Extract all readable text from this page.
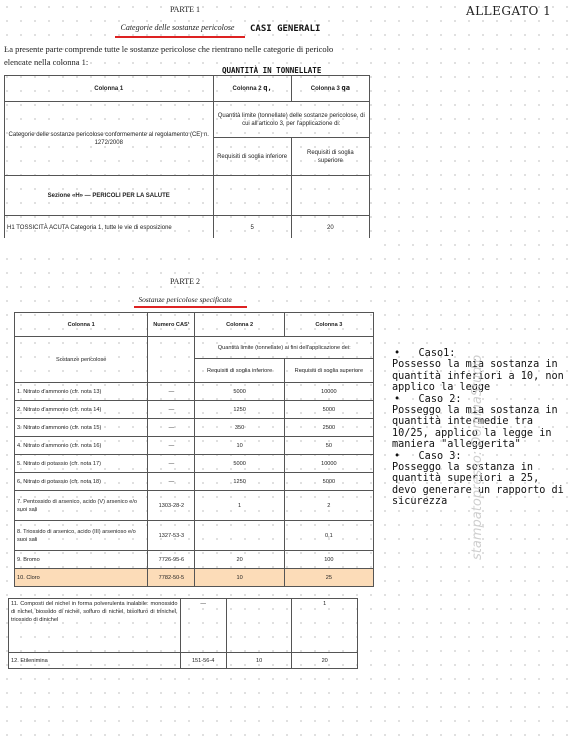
ALLEGATO 1
PARTE 1
Categorie delle sostanze pericolose	CASI GENERALI
La presente parte comprende tutte le sostanze pericolose che rientrano nelle categorie di pericolo elencate nella colonna 1:
QUANTITÀ IN TONNELLATE
Colonna 1	Colonna 2 q,	Colonna 3 qa
Categorie delle sostanze pericolose conformemente al regolamento (CE) n. 1272/2008	Quantità limite (tonnellate) delle sostanze pericolose, di cui all'articolo 3, per l'applicazione di:	
	Requisiti di soglia inferiore	Requisiti di soglia superiore
Sezione «H» — PERICOLI PER LA SALUTE		
H1 TOSSICITÀ ACUTA Categoria 1, tutte le vie di esposizione	5	20
PARTE 2
Sostanze pericolose specificate
Colonna 1	Numero CAS¹	Colonna 2	Colonna 3
Sostanze pericolose		Quantità limite (tonnellate) ai fini dell'applicazione dei:	
		Requisiti di soglia inferiore	Requisiti di soglia superiore
1. Nitrato d'ammonio (cfr. nota 13)	—	5000	10000
2. Nitrato d'ammonio (cfr. nota 14)	—	1250	5000
3. Nitrato d'ammonio (cfr. nota 15)	—	350	2500
4. Nitrato d'ammonio (cfr. nota 16)	—	10	50
5. Nitrato di potassio (cfr. nota 17)	—	5000	10000
6. Nitrato di potassio (cfr. nota 18)	—	1250	5000
7. Pentossido di arsenico, acido (V) arsenico e/o suoi sali	1303-28-2	1	2
8. Triossido di arsenico, acido (III) arsenioso e/o suoi sali	1327-53-3		0,1
9. Bromo	7726-95-6	20	100
10. Cloro	7782-50-5	10	25
11. Composti del nichel in forma polverulenta inalabile: monossido di nichel, biossido di nichel, solfuro di nichel, bisolfuro di trinichel, triossido di dinichel	—		1
12. Etilenimina	151-56-4	10	20
•   Caso1:
Possesso la mia sostanza in quantità inferiori a 10, non applico la legge
•   Caso 2:
Posseggo la mia sostanza in quantità intermedie tra 10/25, applico la legge in maniera "alleggerita"
•   Caso 3:
Posseggo la sostanza in quantità superiori a 25, devo generare un rapporto di sicurezza	stampatopresso: DominaStudio
